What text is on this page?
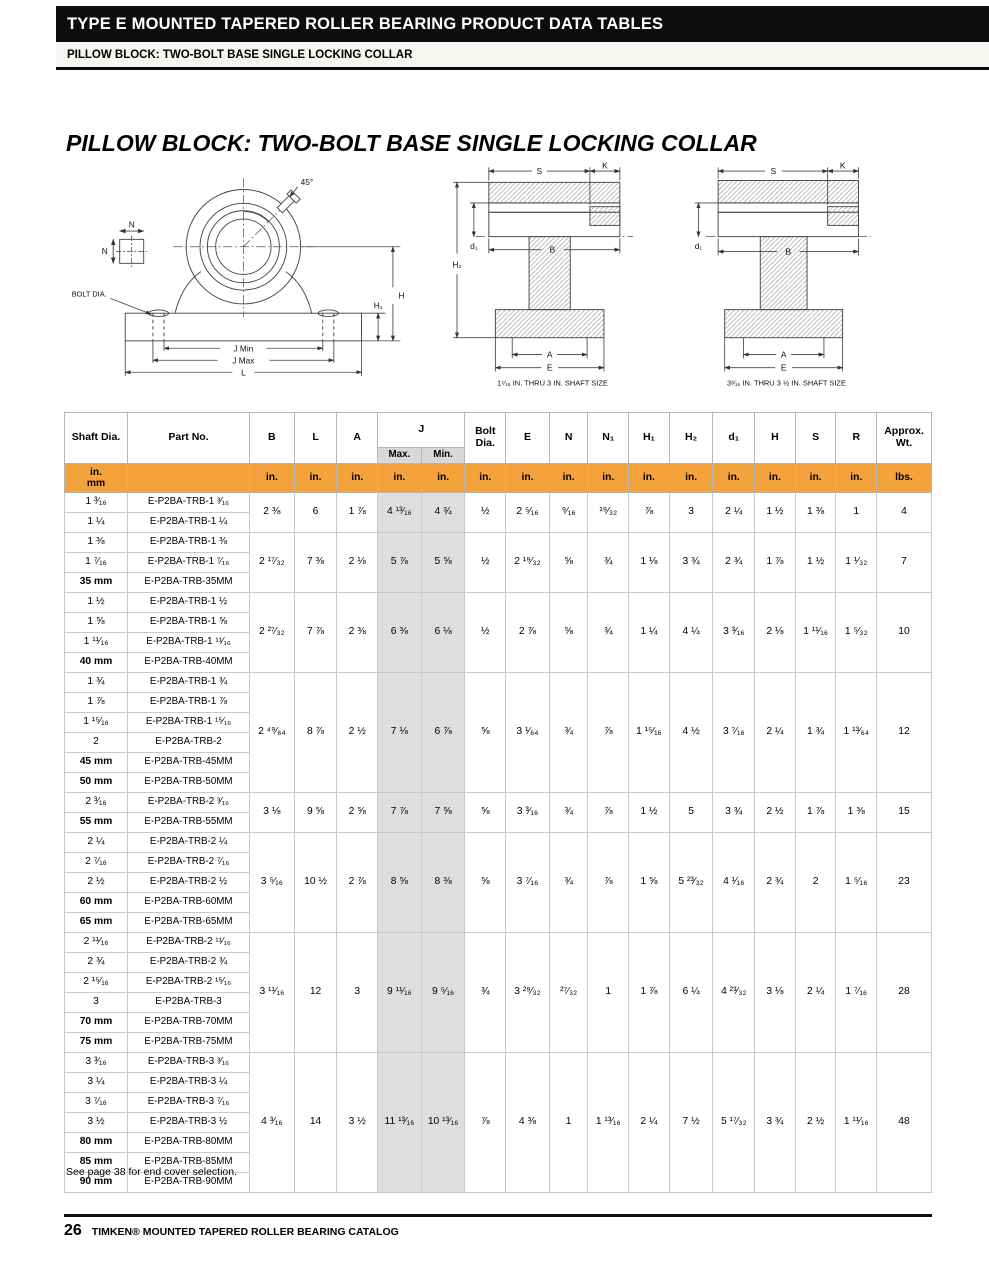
TYPE E MOUNTED TAPERED ROLLER BEARING PRODUCT DATA TABLES
PILLOW BLOCK: TWO-BOLT BASE SINGLE LOCKING COLLAR
PILLOW BLOCK: TWO-BOLT BASE SINGLE LOCKING COLLAR
45°
N
N
BOLT DIA.
J Min
J Max
L
H
H₁
S
K
B
H₂
d₁
A
E
1⁷⁄₁₆ IN. THRU 3 IN. SHAFT SIZE
S
K
B
d₁
A
E
3³⁄₁₆ IN. THRU 3 ½ IN. SHAFT SIZE
Shaft Dia.	Part No.	B	L	A	J		Bolt Dia.	E	N	N₁	H₁	H₂	d₁	H	S	R	Approx. Wt.
					Max.	Min.											

in.
mm		in.	in.	in.	in.	in.	in.	in.	in.	in.	in.	in.	in.	in.	in.	in.	lbs.
1 ³⁄₁₆	E-P2BA-TRB-1 ³⁄₁₆	2 ⅜	6	1 ⅞	4 ¹³⁄₁₆	4 ¾	½	2 ⁵⁄₁₆	⁹⁄₁₆	¹⁹⁄₃₂	⅞	3	2 ¼	1 ½	1 ⅜	1	4
1 ¼	E-P2BA-TRB-1 ¼																
1 ⅜	E-P2BA-TRB-1 ⅜	2 ¹⁷⁄₃₂	7 ⅜	2 ⅛	5 ⅞	5 ⅝	½	2 ¹⁹⁄₃₂	⅝	¾	1 ⅛	3 ¾	2 ¾	1 ⅞	1 ½	1 ¹⁄₃₂	7
1 ⁷⁄₁₆	E-P2BA-TRB-1 ⁷⁄₁₆																
35 mm	E-P2BA-TRB-35MM																
1 ½	E-P2BA-TRB-1 ½	2 ²⁷⁄₃₂	7 ⅞	2 ⅜	6 ⅜	6 ⅛	½	2 ⅞	⅝	¾	1 ¼	4 ¼	3 ³⁄₁₆	2 ⅛	1 ¹¹⁄₁₆	1 ⁵⁄₃₂	10
1 ⅝	E-P2BA-TRB-1 ⅝																
1 ¹¹⁄₁₆	E-P2BA-TRB-1 ¹¹⁄₁₆																
40 mm	E-P2BA-TRB-40MM																
1 ¾	E-P2BA-TRB-1 ¾	2 ⁴⁹⁄₆₄	8 ⅞	2 ½	7 ⅛	6 ⅞	⅝	3 ¹⁄₆₄	¾	⅞	1 ¹⁵⁄₁₆	4 ½	3 ⁷⁄₁₆	2 ¼	1 ¾	1 ¹³⁄₆₄	12
1 ⅞	E-P2BA-TRB-1 ⅞																
1 ¹⁵⁄₁₆	E-P2BA-TRB-1 ¹⁵⁄₁₆																
2	E-P2BA-TRB-2																
45 mm	E-P2BA-TRB-45MM																
50 mm	E-P2BA-TRB-50MM																
2 ³⁄₁₆	E-P2BA-TRB-2 ³⁄₁₆	3 ⅛	9 ⅝	2 ⅝	7 ⅞	7 ⅝	⅝	3 ³⁄₁₆	¾	⅞	1 ½	5	3 ¾	2 ½	1 ⅞	1 ⅜	15
55 mm	E-P2BA-TRB-55MM																
2 ¼	E-P2BA-TRB-2 ¼	3 ⁵⁄₁₆	10 ½	2 ⅞	8 ⅝	8 ⅜	⅝	3 ⁷⁄₁₆	¾	⅞	1 ⅝	5 ²³⁄₃₂	4 ¹⁄₁₆	2 ¾	2	1 ⁵⁄₁₆	23
2 ⁷⁄₁₆	E-P2BA-TRB-2 ⁷⁄₁₆																
2 ½	E-P2BA-TRB-2 ½																
60 mm	E-P2BA-TRB-60MM																
65 mm	E-P2BA-TRB-65MM																
2 ¹¹⁄₁₆	E-P2BA-TRB-2 ¹¹⁄₁₆	3 ¹¹⁄₁₆	12	3	9 ¹¹⁄₁₆	9 ⁵⁄₁₆	¾	3 ²⁹⁄₃₂	²⁷⁄₃₂	1	1 ⅞	6 ¼	4 ²³⁄₃₂	3 ⅛	2 ¼	1 ⁷⁄₁₆	28
2 ¾	E-P2BA-TRB-2 ¾																
2 ¹⁵⁄₁₆	E-P2BA-TRB-2 ¹⁵⁄₁₆																
3	E-P2BA-TRB-3																
70 mm	E-P2BA-TRB-70MM																
75 mm	E-P2BA-TRB-75MM																
3 ³⁄₁₆	E-P2BA-TRB-3 ³⁄₁₆	4 ³⁄₁₆	14	3 ½	11 ¹³⁄₁₆	10 ¹³⁄₁₆	⅞	4 ⅜	1	1 ¹³⁄₁₆	2 ¼	7 ½	5 ¹⁷⁄₃₂	3 ¾	2 ½	1 ¹¹⁄₁₆	48
3 ¼	E-P2BA-TRB-3 ¼																
3 ⁷⁄₁₆	E-P2BA-TRB-3 ⁷⁄₁₆																
3 ½	E-P2BA-TRB-3 ½																
80 mm	E-P2BA-TRB-80MM																
85 mm	E-P2BA-TRB-85MM																
90 mm	E-P2BA-TRB-90MM																
See page 38 for end cover selection.
26 TIMKEN® MOUNTED TAPERED ROLLER BEARING CATALOG
